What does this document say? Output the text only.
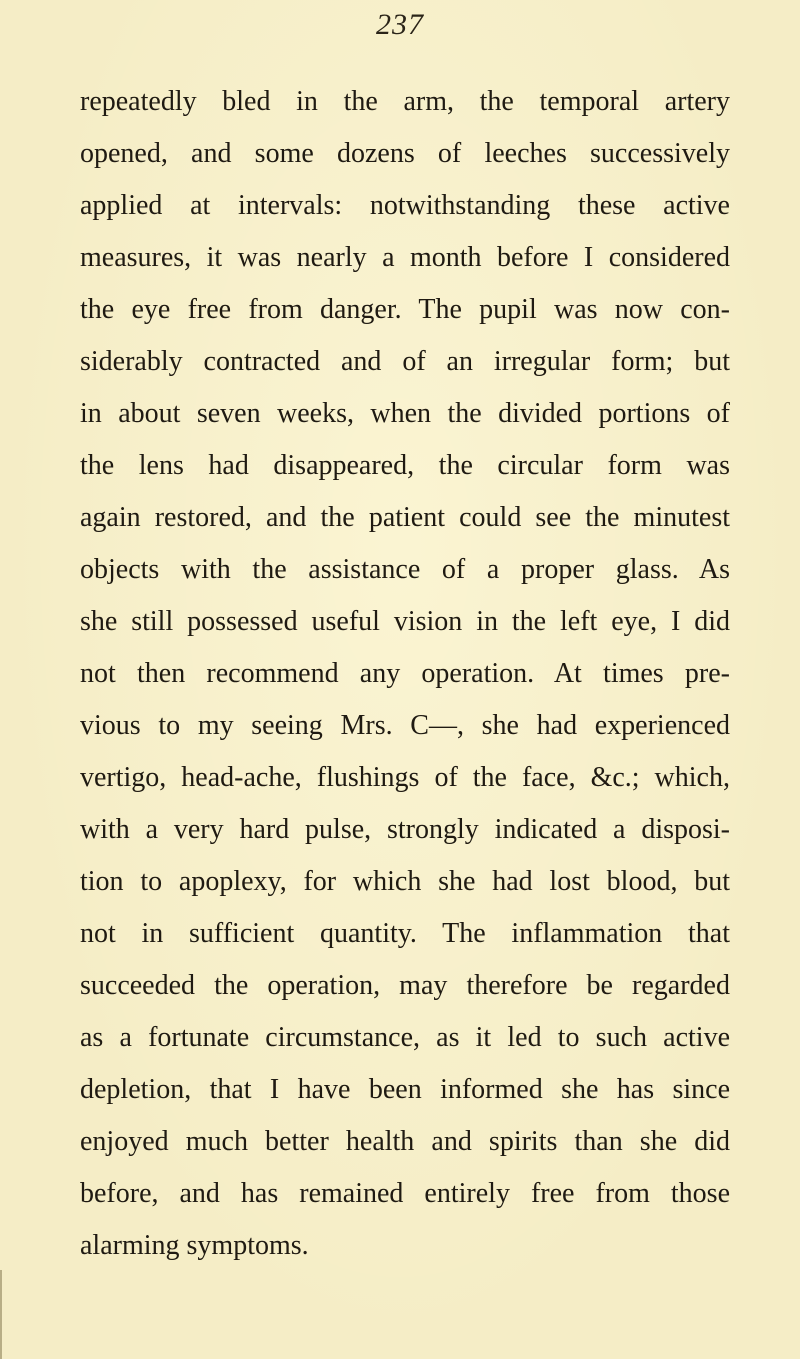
237
repeatedly bled in the arm, the temporal artery
opened, and some dozens of leeches successively
applied at intervals: notwithstanding these active
measures, it was nearly a month before I considered
the eye free from danger. The pupil was now con-
siderably contracted and of an irregular form; but
in about seven weeks, when the divided portions of
the lens had disappeared, the circular form was
again restored, and the patient could see the minutest
objects with the assistance of a proper glass. As
she still possessed useful vision in the left eye, I did
not then recommend any operation. At times pre-
vious to my seeing Mrs. C—, she had experienced
vertigo, head-ache, flushings of the face, &c.; which,
with a very hard pulse, strongly indicated a disposi-
tion to apoplexy, for which she had lost blood, but
not in sufficient quantity. The inflammation that
succeeded the operation, may therefore be regarded
as a fortunate circumstance, as it led to such active
depletion, that I have been informed she has since
enjoyed much better health and spirits than she did
before, and has remained entirely free from those
alarming symptoms.
